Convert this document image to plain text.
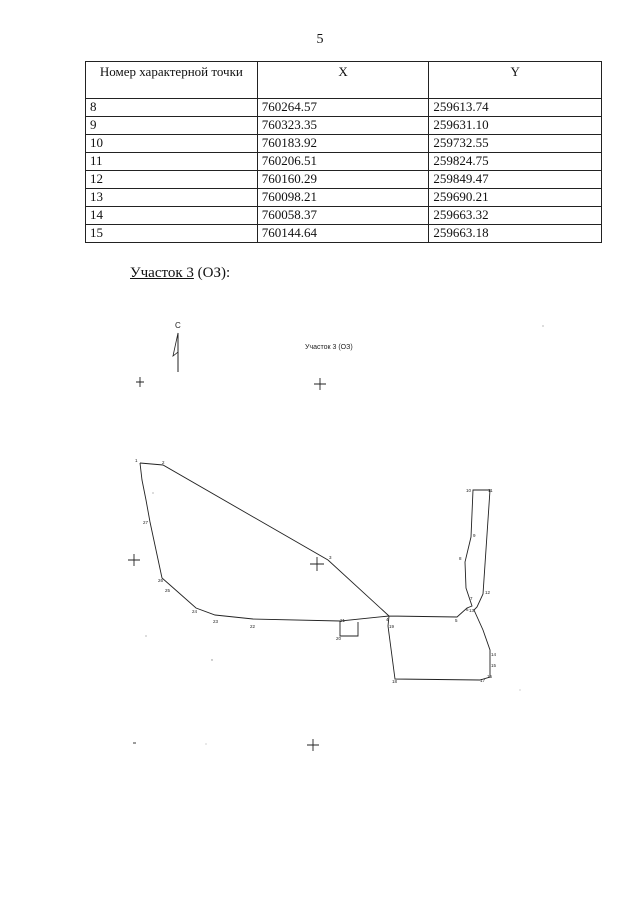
5
Номер характерной точки	X	Y
8	760264.57	259613.74
9	760323.35	259631.10
10	760183.92	259732.55
11	760206.51	259824.75
12	760160.29	259849.47
13	760098.21	259690.21
14	760058.37	259663.32
15	760144.64	259663.18
Участок 3 (ОЗ):
Участок 3 (ОЗ)
С
1	2
3
4	5
6
7
8
9
10	11
12
13
14
15
16
17
18
19
20
21
22
23
24
25
26
27
